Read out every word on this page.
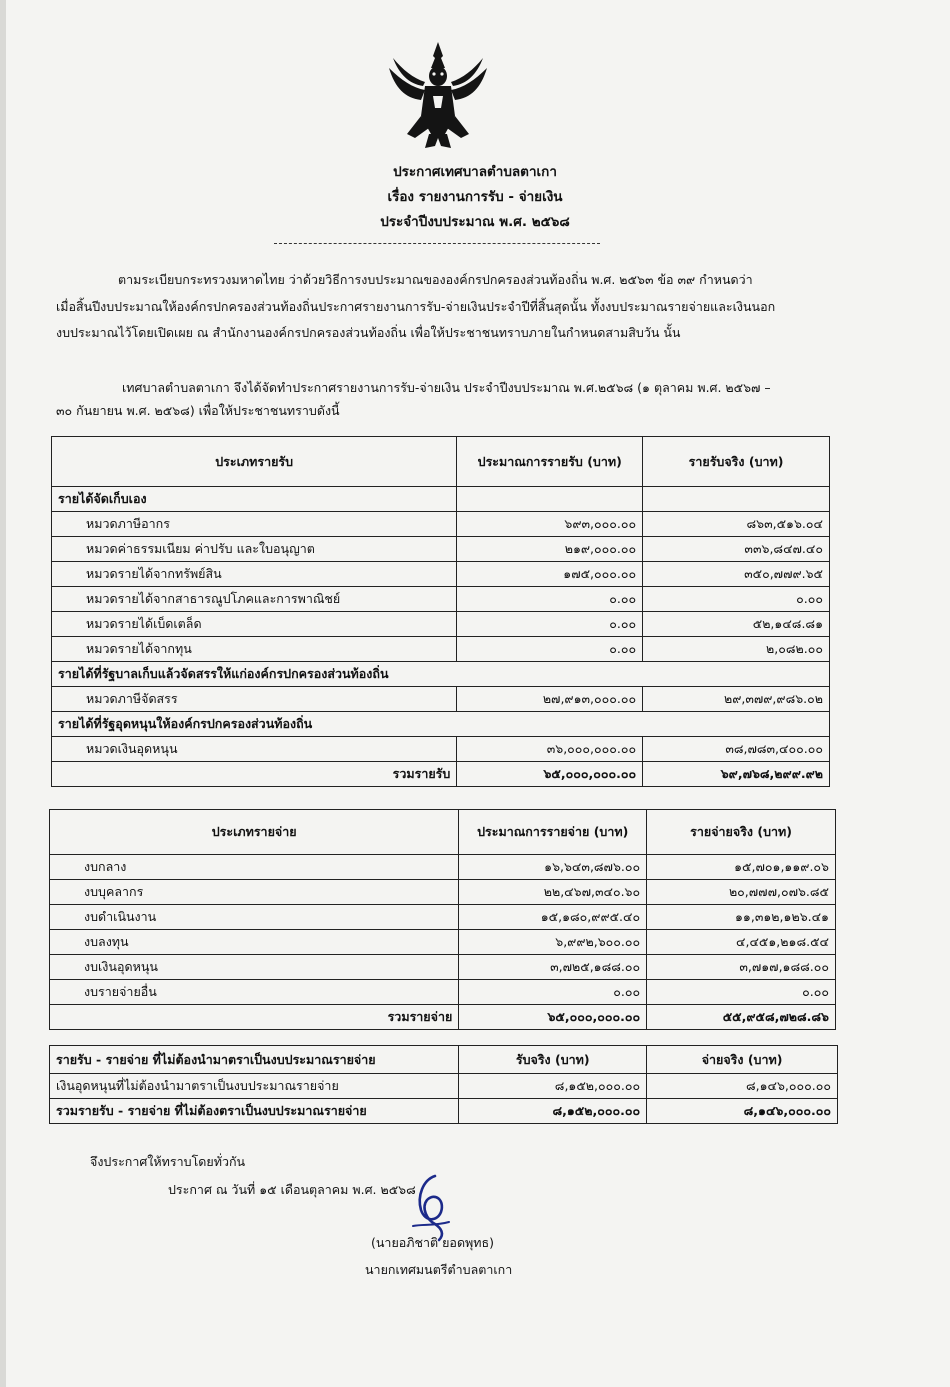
ประกาศเทศบาลตำบลตาเกา
เรื่อง รายงานการรับ - จ่ายเงิน
ประจำปีงบประมาณ พ.ศ. ๒๕๖๘
ตามระเบียบกระทรวงมหาดไทย ว่าด้วยวิธีการงบประมาณขององค์กรปกครองส่วนท้องถิ่น พ.ศ. ๒๕๖๓ ข้อ ๓๙ กำหนดว่า
เมื่อสิ้นปีงบประมาณให้องค์กรปกครองส่วนท้องถิ่นประกาศรายงานการรับ-จ่ายเงินประจำปีที่สิ้นสุดนั้น ทั้งงบประมาณรายจ่ายและเงินนอก
งบประมาณไว้โดยเปิดเผย ณ สำนักงานองค์กรปกครองส่วนท้องถิ่น เพื่อให้ประชาชนทราบภายในกำหนดสามสิบวัน นั้น
เทศบาลตำบลตาเกา จึงได้จัดทำประกาศรายงานการรับ-จ่ายเงิน ประจำปีงบประมาณ พ.ศ.๒๕๖๘ (๑ ตุลาคม พ.ศ. ๒๕๖๗ –
๓๐ กันยายน พ.ศ. ๒๕๖๘) เพื่อให้ประชาชนทราบดังนี้
ประเภทรายรับ	ประมาณการรายรับ (บาท)	รายรับจริง (บาท)
รายได้จัดเก็บเอง		
หมวดภาษีอากร	๖๙๓,๐๐๐.๐๐	๘๖๓,๕๑๖.๐๔
หมวดค่าธรรมเนียม ค่าปรับ และใบอนุญาต	๒๑๙,๐๐๐.๐๐	๓๓๖,๘๔๗.๔๐
หมวดรายได้จากทรัพย์สิน	๑๗๕,๐๐๐.๐๐	๓๕๐,๗๗๙.๖๕
หมวดรายได้จากสาธารณูปโภคและการพาณิชย์	๐.๐๐	๐.๐๐
หมวดรายได้เบ็ดเตล็ด	๐.๐๐	๕๒,๑๔๘.๘๑
หมวดรายได้จากทุน	๐.๐๐	๒,๐๘๒.๐๐
รายได้ที่รัฐบาลเก็บแล้วจัดสรรให้แก่องค์กรปกครองส่วนท้องถิ่น		
หมวดภาษีจัดสรร	๒๗,๙๑๓,๐๐๐.๐๐	๒๙,๓๗๙,๙๘๖.๐๒
รายได้ที่รัฐอุดหนุนให้องค์กรปกครองส่วนท้องถิ่น		
หมวดเงินอุดหนุน	๓๖,๐๐๐,๐๐๐.๐๐	๓๘,๗๘๓,๔๐๐.๐๐
รวมรายรับ	๖๕,๐๐๐,๐๐๐.๐๐	๖๙,๗๖๘,๒๙๙.๙๒
ประเภทรายจ่าย	ประมาณการรายจ่าย (บาท)	รายจ่ายจริง (บาท)
งบกลาง	๑๖,๖๔๓,๘๗๖.๐๐	๑๕,๗๐๑,๑๑๙.๐๖
งบบุคลากร	๒๒,๔๖๗,๓๔๐.๖๐	๒๐,๗๗๗,๐๗๖.๘๕
งบดำเนินงาน	๑๕,๑๘๐,๙๙๕.๔๐	๑๑,๓๑๒,๑๒๖.๔๑
งบลงทุน	๖,๙๙๒,๖๐๐.๐๐	๔,๔๕๑,๒๑๘.๕๔
งบเงินอุดหนุน	๓,๗๒๕,๑๘๘.๐๐	๓,๗๑๗,๑๘๘.๐๐
งบรายจ่ายอื่น	๐.๐๐	๐.๐๐
รวมรายจ่าย	๖๕,๐๐๐,๐๐๐.๐๐	๕๕,๙๕๘,๗๒๘.๘๖
รายรับ - รายจ่าย ที่ไม่ต้องนำมาตราเป็นงบประมาณรายจ่าย	รับจริง (บาท)	จ่ายจริง (บาท)
เงินอุดหนุนที่ไม่ต้องนำมาตราเป็นงบประมาณรายจ่าย	๘,๑๕๒,๐๐๐.๐๐	๘,๑๔๖,๐๐๐.๐๐
รวมรายรับ - รายจ่าย ที่ไม่ต้องตราเป็นงบประมาณรายจ่าย	๘,๑๕๒,๐๐๐.๐๐	๘,๑๔๖,๐๐๐.๐๐
จึงประกาศให้ทราบโดยทั่วกัน
ประกาศ ณ วันที่ ๑๕ เดือนตุลาคม พ.ศ. ๒๕๖๘
(นายอภิชาติ ยอดพุทธ)
นายกเทศมนตรีตำบลตาเกา
